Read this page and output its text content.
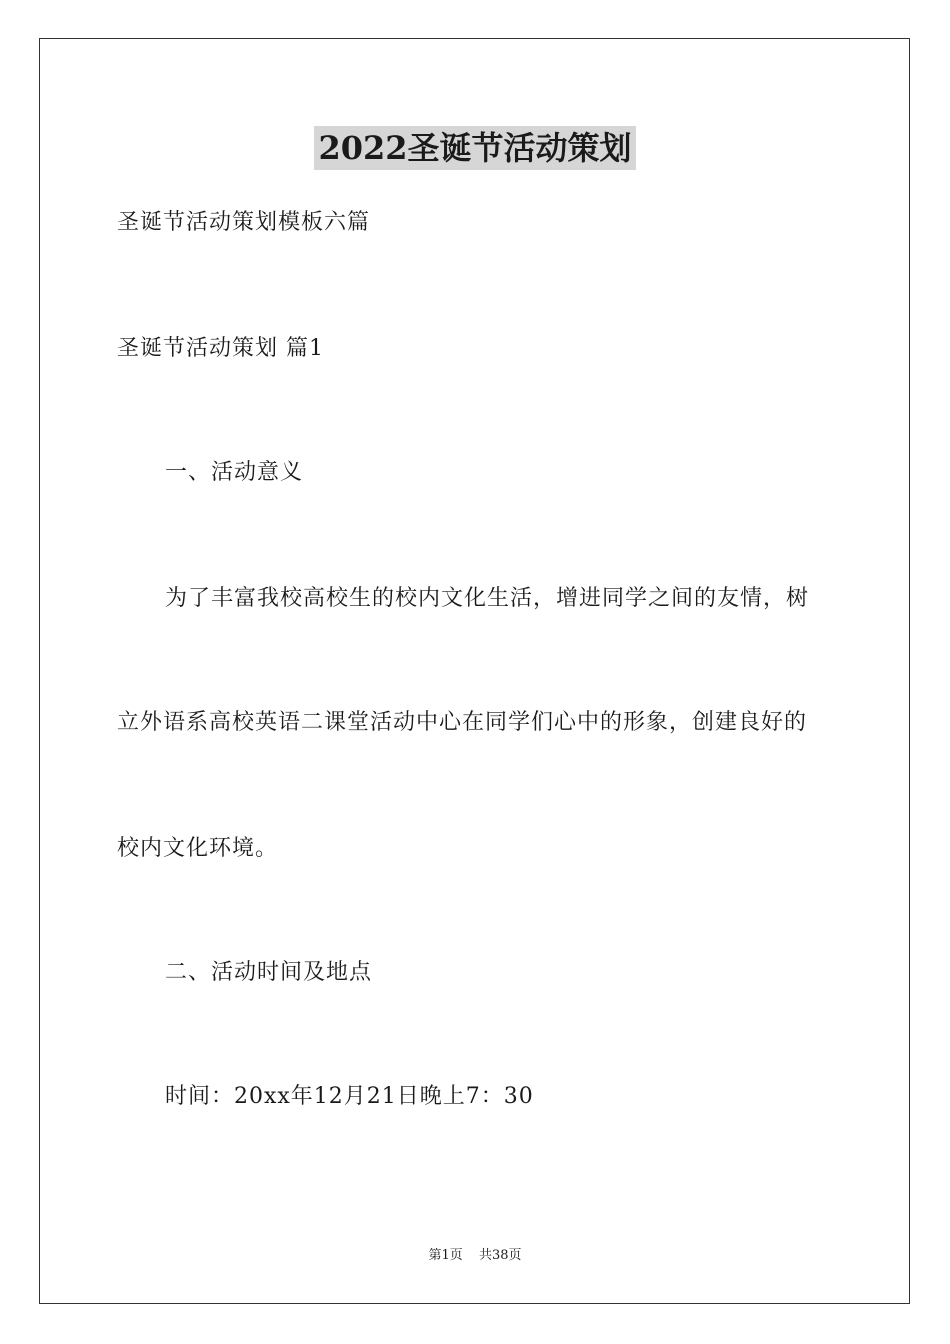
2022圣诞节活动策划
圣诞节活动策划模板六篇
圣诞节活动策划 篇1
一、活动意义
为了丰富我校高校生的校内文化生活，增进同学之间的友情，树
立外语系高校英语二课堂活动中心在同学们心中的形象，创建良好的
校内文化环境。
二、活动时间及地点
时间：20xx年12月21日晚上7：30
第1页 共38页
